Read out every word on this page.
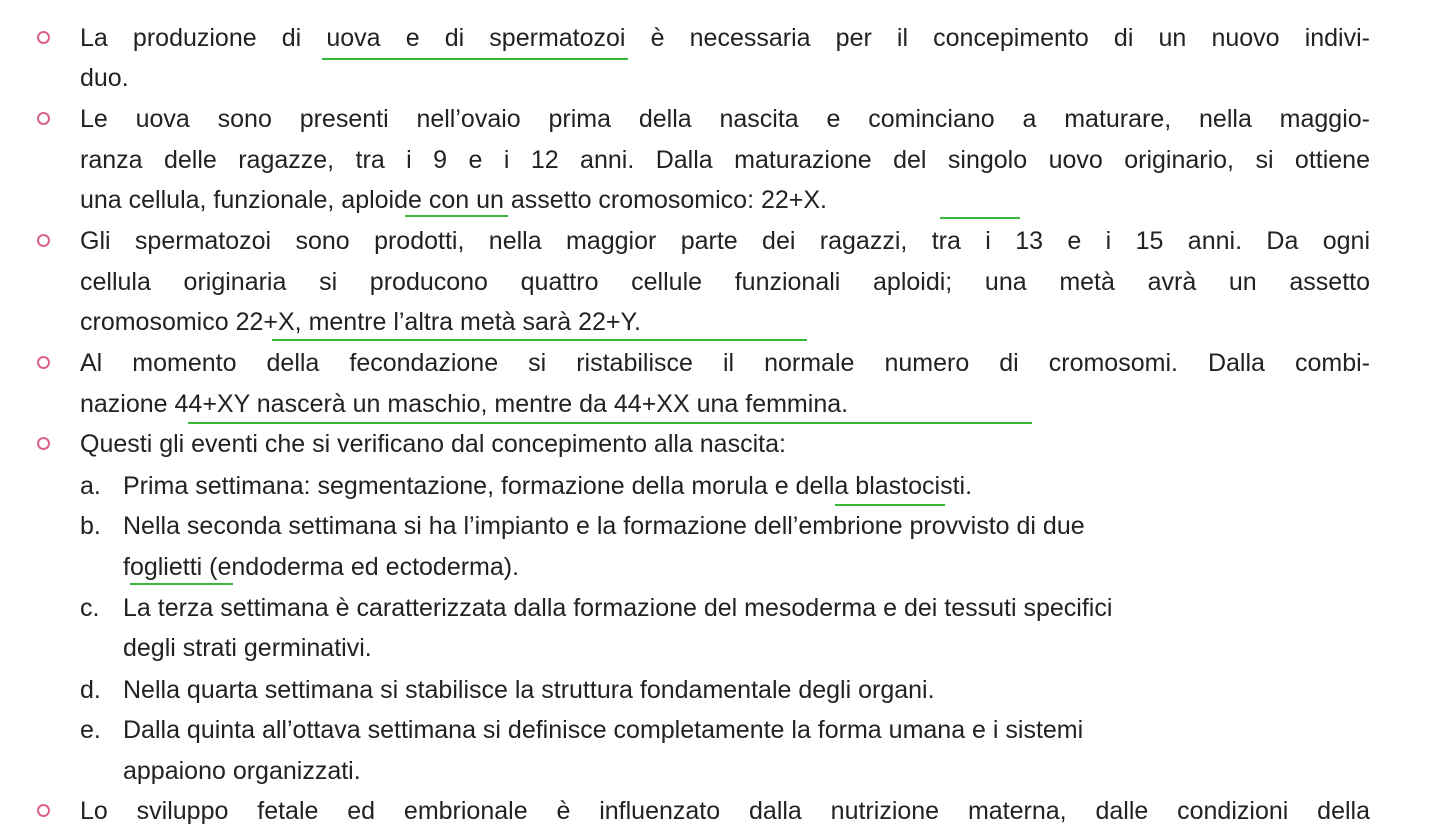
La produzione di uova e di spermatozoi è necessaria per il concepimento di un nuovo indivi-
duo.
Le uova sono presenti nell’ovaio prima della nascita e cominciano a maturare, nella maggio-
ranza delle ragazze, tra i 9 e i 12 anni. Dalla maturazione del singolo uovo originario, si ottiene
una cellula, funzionale, aploide con un assetto cromosomico: 22+X.
Gli spermatozoi sono prodotti, nella maggior parte dei ragazzi, tra i 13 e i 15 anni. Da ogni
cellula originaria si producono quattro cellule funzionali aploidi; una metà avrà un assetto
cromosomico 22+X, mentre l’altra metà sarà 22+Y.
Al momento della fecondazione si ristabilisce il normale numero di cromosomi. Dalla combi-
nazione 44+XY nascerà un maschio, mentre da 44+XX una femmina.
Questi gli eventi che si verificano dal concepimento alla nascita:
a. Prima settimana: segmentazione, formazione della morula e della blastocisti.
b. Nella seconda settimana si ha l’impianto e la formazione dell’embrione provvisto di due
foglietti (endoderma ed ectoderma).
c. La terza settimana è caratterizzata dalla formazione del mesoderma e dei tessuti specifici
degli strati germinativi.
d. Nella quarta settimana si stabilisce la struttura fondamentale degli organi.
e. Dalla quinta all’ottava settimana si definisce completamente la forma umana e i sistemi
appaiono organizzati.
Lo sviluppo fetale ed embrionale è influenzato dalla nutrizione materna, dalle condizioni della
